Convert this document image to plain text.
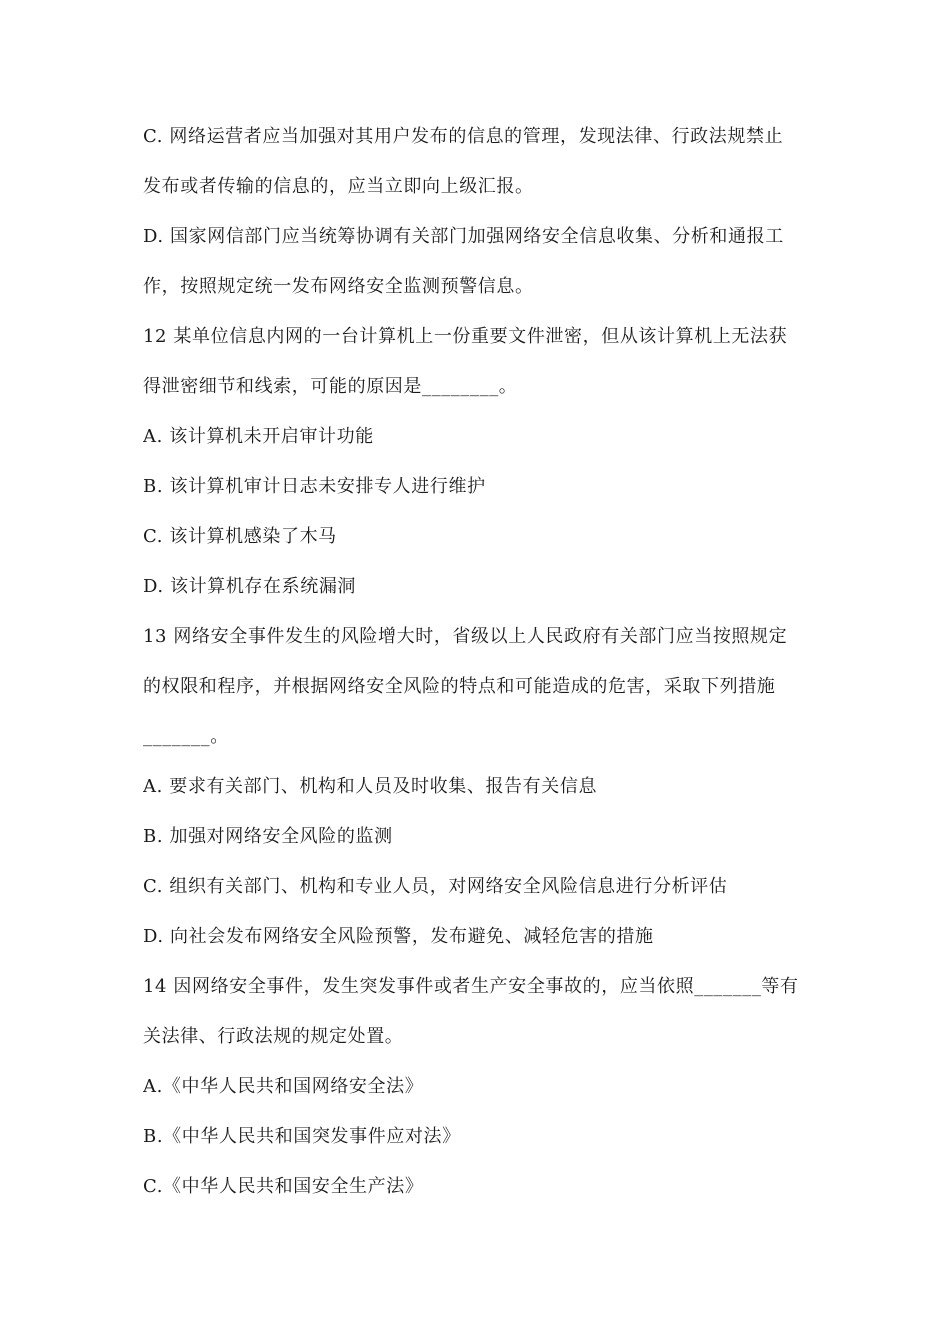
C. 网络运营者应当加强对其用户发布的信息的管理，发现法律、行政法规禁止
发布或者传输的信息的，应当立即向上级汇报。
D. 国家网信部门应当统筹协调有关部门加强网络安全信息收集、分析和通报工
作，按照规定统一发布网络安全监测预警信息。
12 某单位信息内网的一台计算机上一份重要文件泄密，但从该计算机上无法获
得泄密细节和线索，可能的原因是________。
A. 该计算机未开启审计功能
B. 该计算机审计日志未安排专人进行维护
C. 该计算机感染了木马
D. 该计算机存在系统漏洞
13 网络安全事件发生的风险增大时，省级以上人民政府有关部门应当按照规定
的权限和程序，并根据网络安全风险的特点和可能造成的危害，采取下列措施
_______。
A. 要求有关部门、机构和人员及时收集、报告有关信息
B. 加强对网络安全风险的监测
C. 组织有关部门、机构和专业人员，对网络安全风险信息进行分析评估
D. 向社会发布网络安全风险预警，发布避免、减轻危害的措施
14 因网络安全事件，发生突发事件或者生产安全事故的，应当依照_______等有
关法律、行政法规的规定处置。
A.《中华人民共和国网络安全法》
B.《中华人民共和国突发事件应对法》
C.《中华人民共和国安全生产法》
